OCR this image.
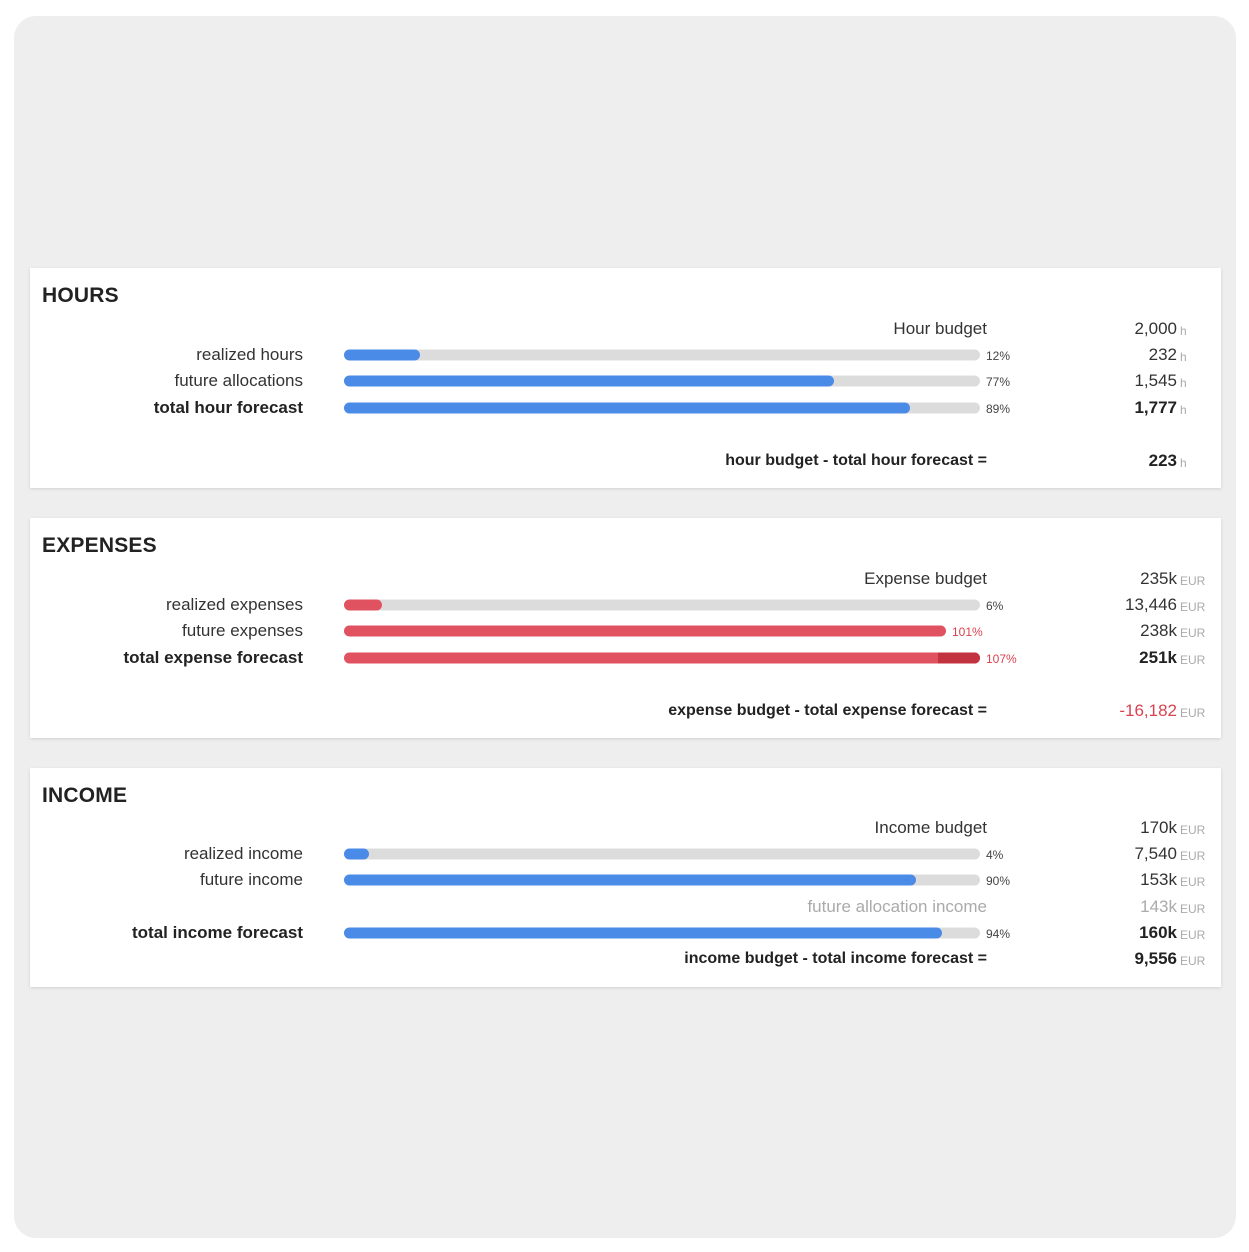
HOURS
Hour budget	2,000 h
realized hours	12%	232 h
future allocations	77%	1,545 h
total hour forecast	89%	1,777 h
hour budget - total hour forecast =	223 h
EXPENSES
Expense budget	235k EUR
realized expenses	6%	13,446 EUR
future expenses	101%	238k EUR
total expense forecast	107%	251k EUR
expense budget - total expense forecast =	-16,182 EUR
INCOME
Income budget	170k EUR
realized income	4%	7,540 EUR
future income	90%	153k EUR
future allocation income	143k EUR
total income forecast	94%	160k EUR
income budget - total income forecast =	9,556 EUR
